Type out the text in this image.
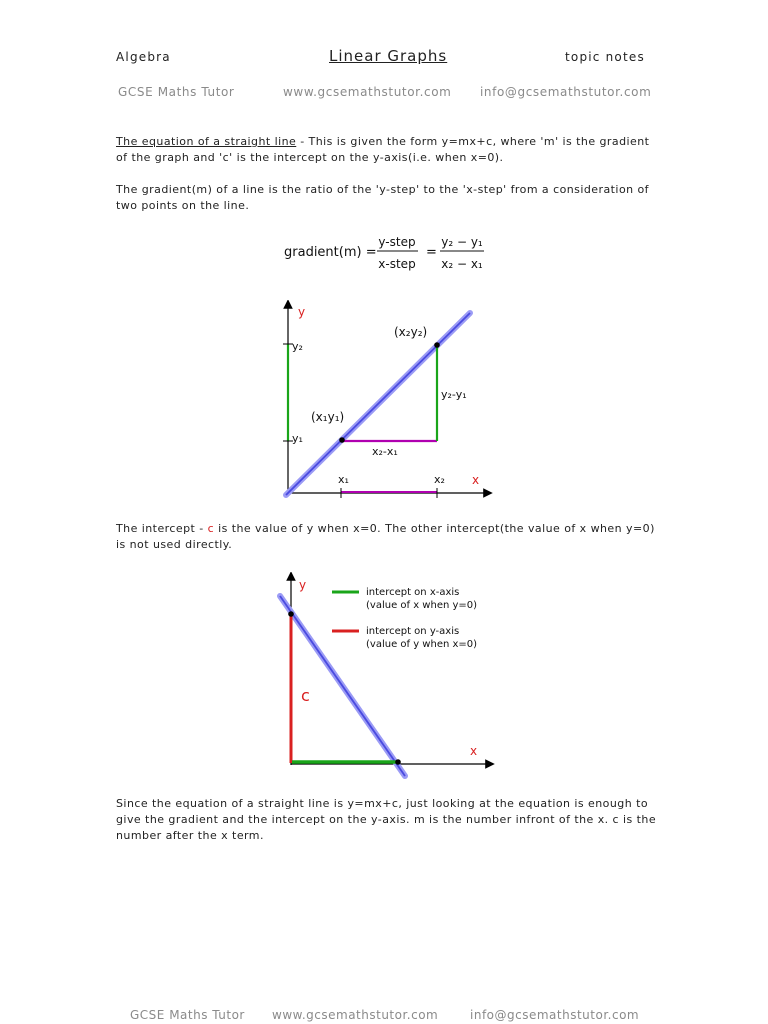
Algebra	Linear Graphs	topic notes
GCSE Maths Tutor	www.gcsemathstutor.com info@gcsemathstutor.com
The equation of a straight line - This is given the form y=mx+c, where 'm' is the gradient of the graph and 'c' is the intercept on the y-axis(i.e. when x=0).
The gradient(m) of a line is the ratio of the 'y-step' to the 'x-step' from a consideration of two points on the line.
gradient(m) =
y-step
x-step
=
y₂ − y₁
x₂ − x₁
y
x
y₂
y₁
x₁	x₂
(x₂y₂)
(x₁y₁)
y₂-y₁
x₂-x₁
The intercept - c is the value of y when x=0. The other intercept(the value of x when y=0) is not used directly.
y
x
c
intercept on x-axis
(value of x when y=0)
intercept on y-axis
(value of y when x=0)
Since the equation of a straight line is y=mx+c, just looking at the equation is enough to give the gradient and the intercept on the y-axis. m is the number infront of the x. c is the number after the x term.
GCSE Maths Tutor www.gcsemathstutor.com	info@gcsemathstutor.com
